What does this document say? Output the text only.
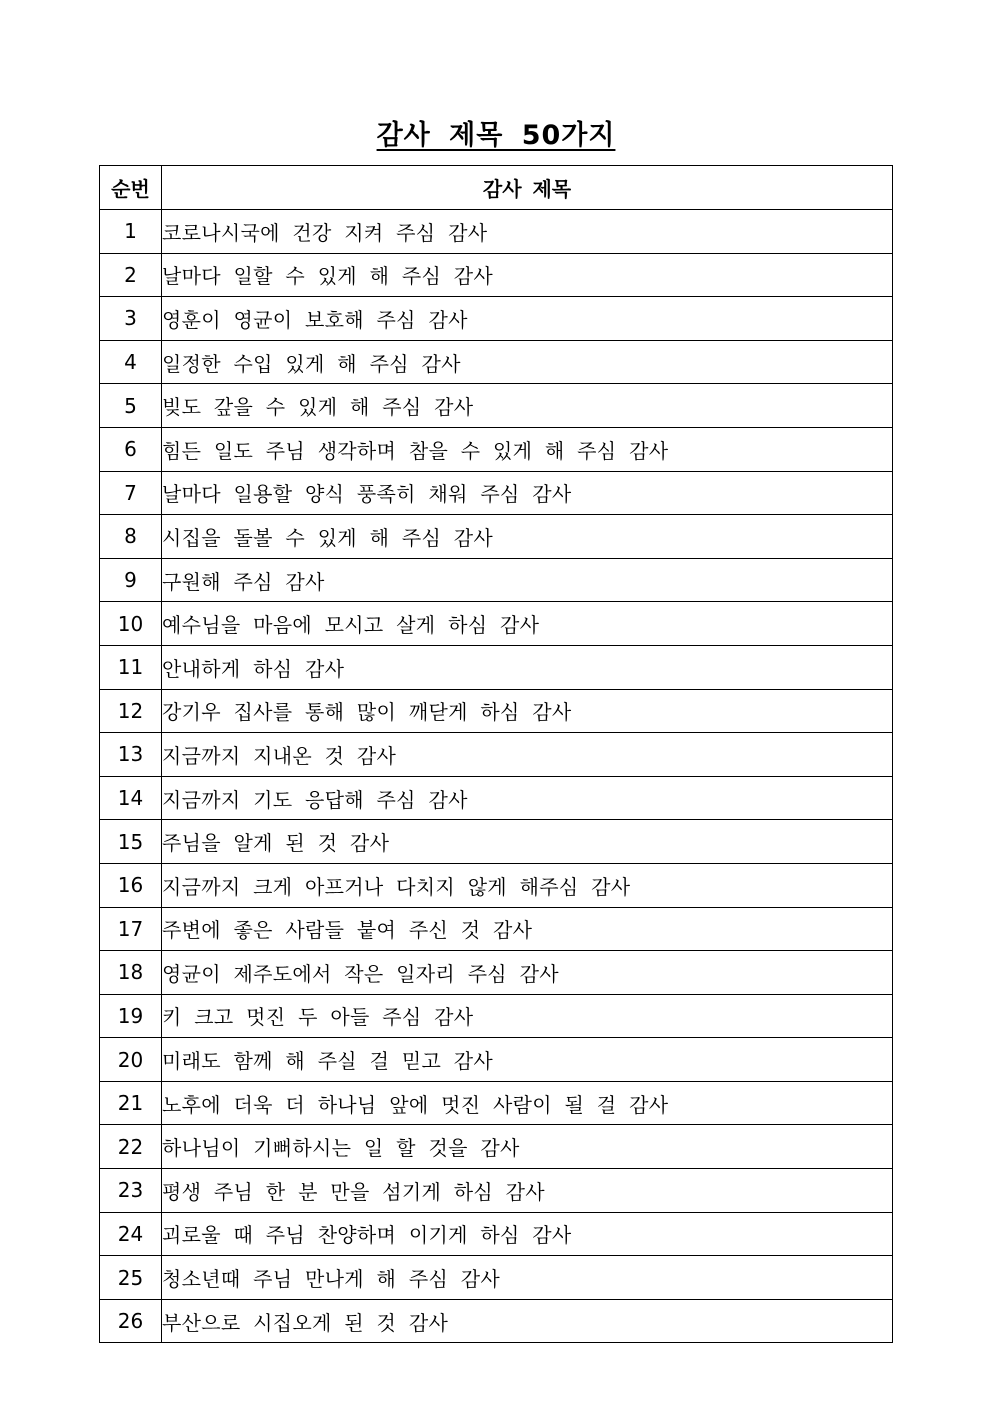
감사 제목 50가지
순번	감사 제목
1	코로나시국에 건강 지켜 주심 감사
2	날마다 일할 수 있게 해 주심 감사
3	영훈이 영균이 보호해 주심 감사
4	일정한 수입 있게 해 주심 감사
5	빚도 갚을 수 있게 해 주심 감사
6	힘든 일도 주님 생각하며 참을 수 있게 해 주심 감사
7	날마다 일용할 양식 풍족히 채워 주심 감사
8	시집을 돌볼 수 있게 해 주심 감사
9	구원해 주심 감사
10	예수님을 마음에 모시고 살게 하심 감사
11	안내하게 하심 감사
12	강기우 집사를 통해 많이 깨닫게 하심 감사
13	지금까지 지내온 것 감사
14	지금까지 기도 응답해 주심 감사
15	주님을 알게 된 것 감사
16	지금까지 크게 아프거나 다치지 않게 해주심 감사
17	주변에 좋은 사람들 붙여 주신 것 감사
18	영균이 제주도에서 작은 일자리 주심 감사
19	키 크고 멋진 두 아들 주심 감사
20	미래도 함께 해 주실 걸 믿고 감사
21	노후에 더욱 더 하나님 앞에 멋진 사람이 될 걸 감사
22	하나님이 기뻐하시는 일 할 것을 감사
23	평생 주님 한 분 만을 섬기게 하심 감사
24	괴로울 때 주님 찬양하며 이기게 하심 감사
25	청소년때 주님 만나게 해 주심 감사
26	부산으로 시집오게 된 것 감사
